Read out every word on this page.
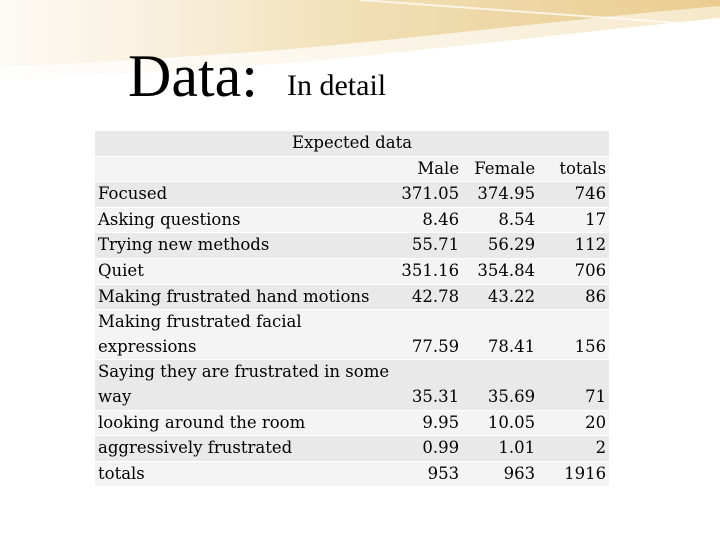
Data: In detail
Expected data			
	Male	Female	totals

Focused	371.05	374.95	746

Asking questions	8.46	8.54	17

Trying new methods	55.71	56.29	112

Quiet	351.16	354.84	706

Making frustrated hand motions	42.78	43.22	86

Making frustrated facial
expressions	77.59	78.41	156

Saying they are frustrated in some
way	35.31	35.69	71

looking around the room	9.95	10.05	20

aggressively frustrated	0.99	1.01	2

totals	953	963	1916
